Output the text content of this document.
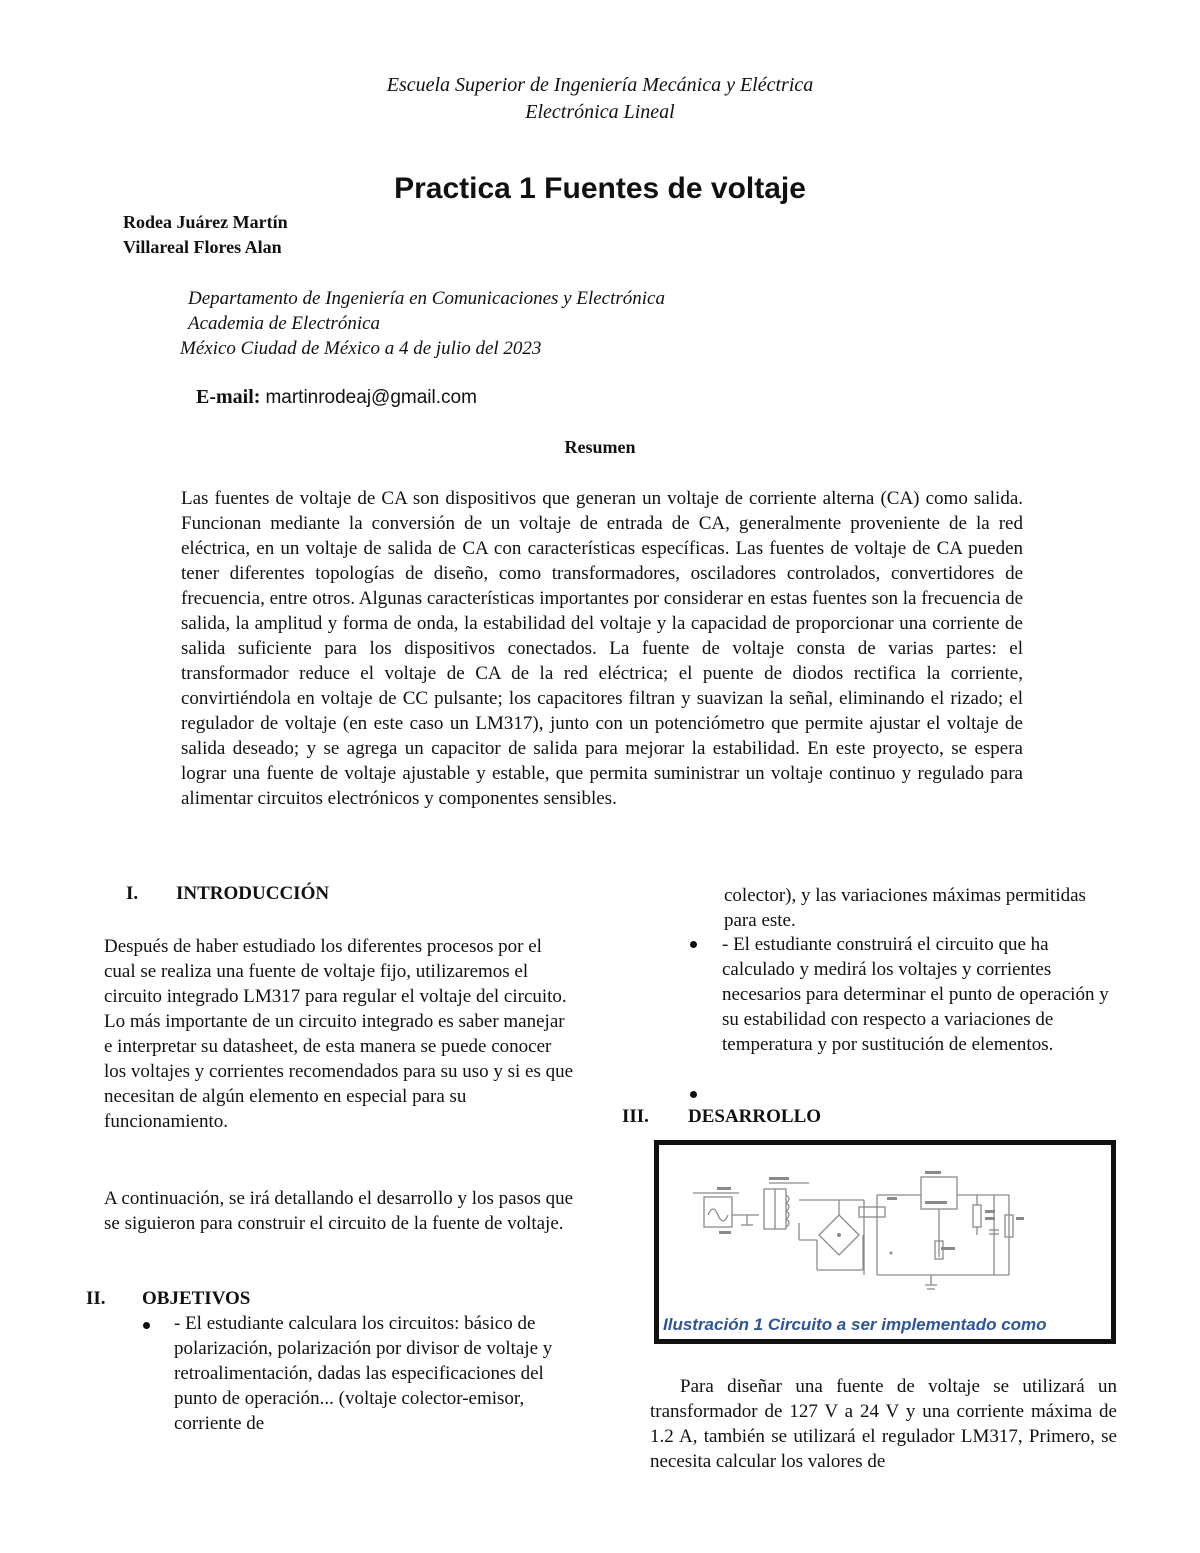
Escuela Superior de Ingeniería Mecánica y Eléctrica
Electrónica Lineal
Practica 1 Fuentes de voltaje
Rodea Juárez Martín
Villareal Flores Alan
Departamento de Ingeniería en Comunicaciones y Electrónica
Academia de Electrónica
México Ciudad de México a 4 de julio del 2023
E-mail: martinrodeaj@gmail.com
Resumen
Las fuentes de voltaje de CA son dispositivos que generan un voltaje de corriente alterna (CA) como salida. Funcionan mediante la conversión de un voltaje de entrada de CA, generalmente proveniente de la red eléctrica, en un voltaje de salida de CA con características específicas. Las fuentes de voltaje de CA pueden tener diferentes topologías de diseño, como transformadores, osciladores controlados, convertidores de frecuencia, entre otros. Algunas características importantes por considerar en estas fuentes son la frecuencia de salida, la amplitud y forma de onda, la estabilidad del voltaje y la capacidad de proporcionar una corriente de salida suficiente para los dispositivos conectados. La fuente de voltaje consta de varias partes: el transformador reduce el voltaje de CA de la red eléctrica; el puente de diodos rectifica la corriente, convirtiéndola en voltaje de CC pulsante; los capacitores filtran y suavizan la señal, eliminando el rizado; el regulador de voltaje (en este caso un LM317), junto con un potenciómetro que permite ajustar el voltaje de salida deseado; y se agrega un capacitor de salida para mejorar la estabilidad. En este proyecto, se espera lograr una fuente de voltaje ajustable y estable, que permita suministrar un voltaje continuo y regulado para alimentar circuitos electrónicos y componentes sensibles.
I. INTRODUCCIÓN
Después de haber estudiado los diferentes procesos por el cual se realiza una fuente de voltaje fijo, utilizaremos el circuito integrado LM317 para regular el voltaje del circuito. Lo más importante de un circuito integrado es saber manejar e interpretar su datasheet, de esta manera se puede conocer los voltajes y corrientes recomendados para su uso y si es que necesitan de algún elemento en especial para su funcionamiento.
A continuación, se irá detallando el desarrollo y los pasos que se siguieron para construir el circuito de la fuente de voltaje.
II. OBJETIVOS
- El estudiante calculara los circuitos: básico de polarización, polarización por divisor de voltaje y retroalimentación, dadas las especificaciones del punto de operación... (voltaje colector-emisor, corriente de
colector), y las variaciones máximas permitidas para este.
- El estudiante construirá el circuito que ha calculado y medirá los voltajes y corrientes necesarios para determinar el punto de operación y su estabilidad con respecto a variaciones de temperatura y por sustitución de elementos.
III. DESARROLLO
Ilustración 1 Circuito a ser implementado como
Para diseñar una fuente de voltaje se utilizará un transformador de 127 V a 24 V y una corriente máxima de 1.2 A, también se utilizará el regulador LM317, Primero, se necesita calcular los valores de
